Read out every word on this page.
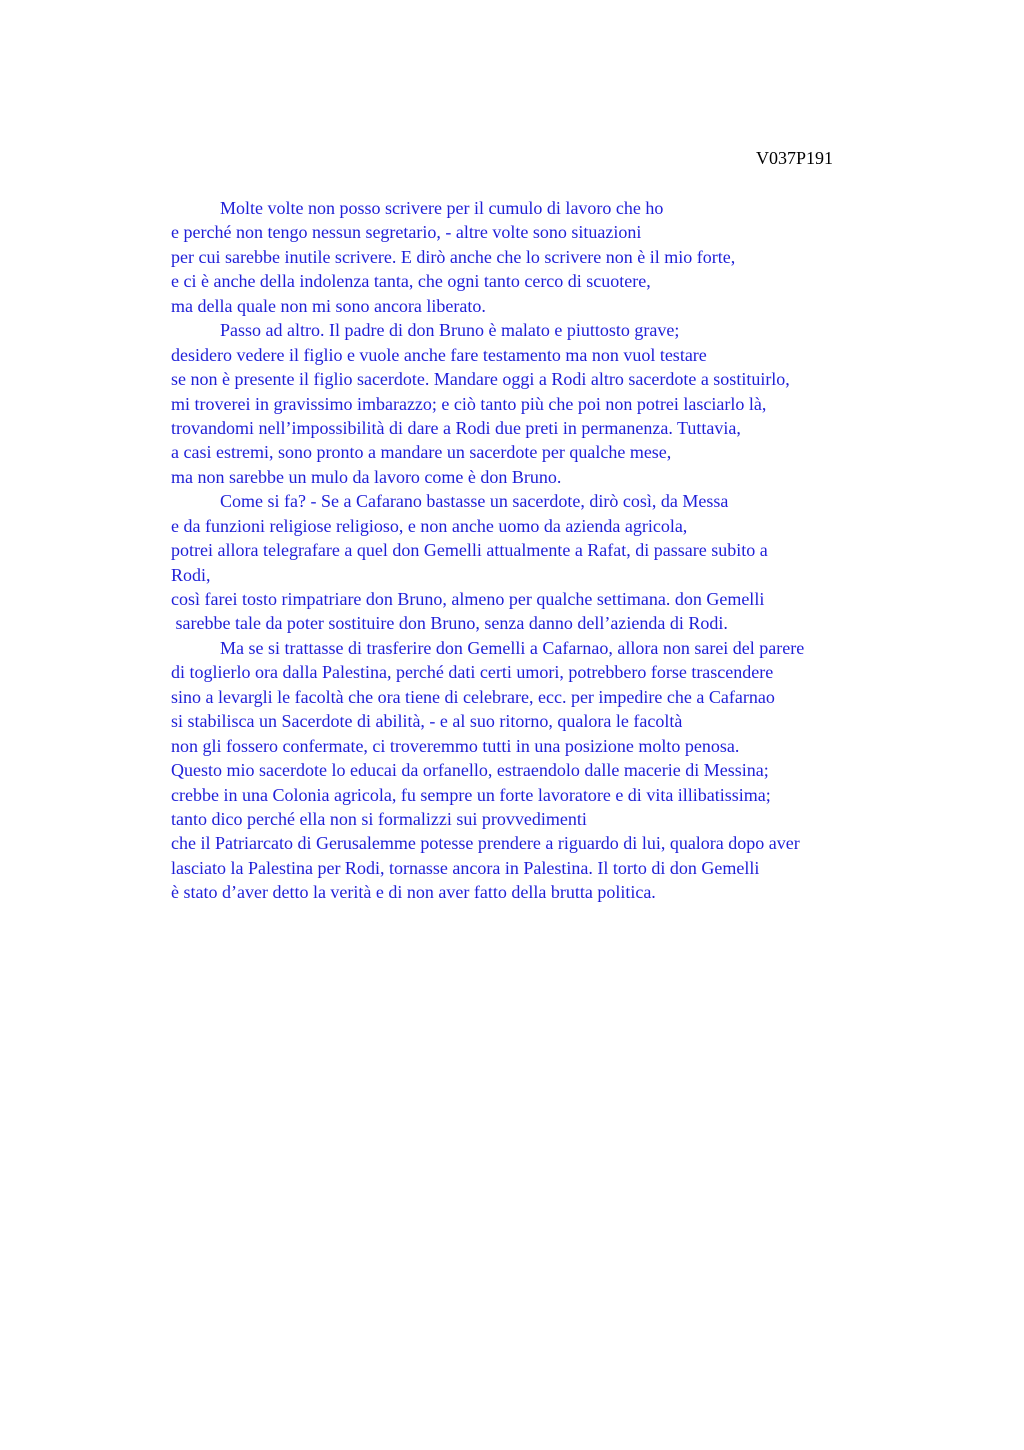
V037P191
Molte volte non posso scrivere per il cumulo di lavoro che ho
e perché non tengo nessun segretario, - altre volte sono situazioni
per cui sarebbe inutile scrivere. E dirò anche che lo scrivere non è il mio forte,
e ci è anche della indolenza tanta, che ogni tanto cerco di scuotere,
ma della quale non mi sono ancora liberato.
Passo ad altro. Il padre di don Bruno è malato e piuttosto grave;
desidero vedere il figlio e vuole anche fare testamento ma non vuol testare
se non è presente il figlio sacerdote. Mandare oggi a Rodi altro sacerdote a sostituirlo,
mi troverei in gravissimo imbarazzo; e ciò tanto più che poi non potrei lasciarlo là,
trovandomi nell’impossibilità di dare a Rodi due preti in permanenza. Tuttavia,
a casi estremi, sono pronto a mandare un sacerdote per qualche mese,
ma non sarebbe un mulo da lavoro come è don Bruno.
Come si fa? - Se a Cafarano bastasse un sacerdote, dirò così, da Messa
e da funzioni religiose religioso, e non anche uomo da azienda agricola,
potrei allora telegrafare a quel don Gemelli attualmente a Rafat, di passare subito a
Rodi,
così farei tosto rimpatriare don Bruno, almeno per qualche settimana. don Gemelli
sarebbe tale da poter sostituire don Bruno, senza danno dell’azienda di Rodi.
Ma se si trattasse di trasferire don Gemelli a Cafarnao, allora non sarei del parere
di toglierlo ora dalla Palestina, perché dati certi umori, potrebbero forse trascendere
sino a levargli le facoltà che ora tiene di celebrare, ecc. per impedire che a Cafarnao
si stabilisca un Sacerdote di abilità, - e al suo ritorno, qualora le facoltà
non gli fossero confermate, ci troveremmo tutti in una posizione molto penosa.
Questo mio sacerdote lo educai da orfanello, estraendolo dalle macerie di Messina;
crebbe in una Colonia agricola, fu sempre un forte lavoratore e di vita illibatissima;
tanto dico perché ella non si formalizzi sui provvedimenti
che il Patriarcato di Gerusalemme potesse prendere a riguardo di lui, qualora dopo aver
lasciato la Palestina per Rodi, tornasse ancora in Palestina. Il torto di don Gemelli
è stato d’aver detto la verità e di non aver fatto della brutta politica.
